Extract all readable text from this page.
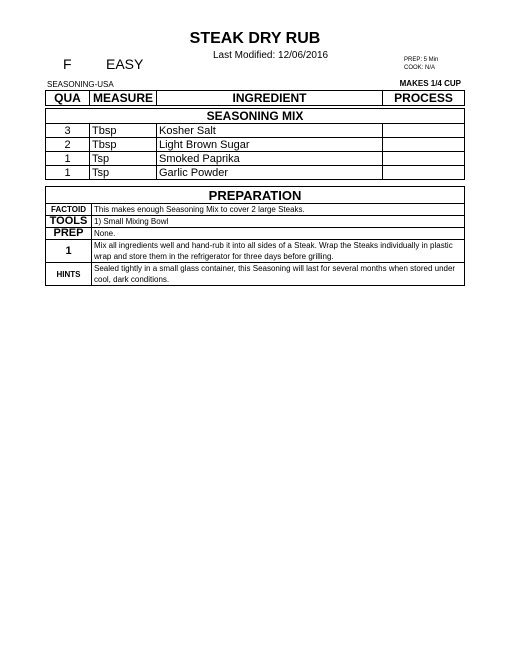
STEAK DRY RUB
Last Modified: 12/06/2016
F EASY	PREP: 5 Min
COOK: N/A
SEASONING-USA	MAKES 1/4 CUP
QUA	MEASURE	INGREDIENT	PROCESS
SEASONING MIX			
3	Tbsp	Kosher Salt	
2	Tbsp	Light Brown Sugar	
1	Tsp	Smoked Paprika	
1	Tsp	Garlic Powder	
PREPARATION	
FACTOID	This makes enough Seasoning Mix to cover 2 large Steaks.
TOOLS	1) Small Mixing Bowl
PREP	None.
1	Mix all ingredients well and hand-rub it into all sides of a Steak. Wrap the Steaks individually in plastic wrap and store them in the refrigerator for three days before grilling.
HINTS	Sealed tightly in a small glass container, this Seasoning will last for several months when stored under cool, dark conditions.
